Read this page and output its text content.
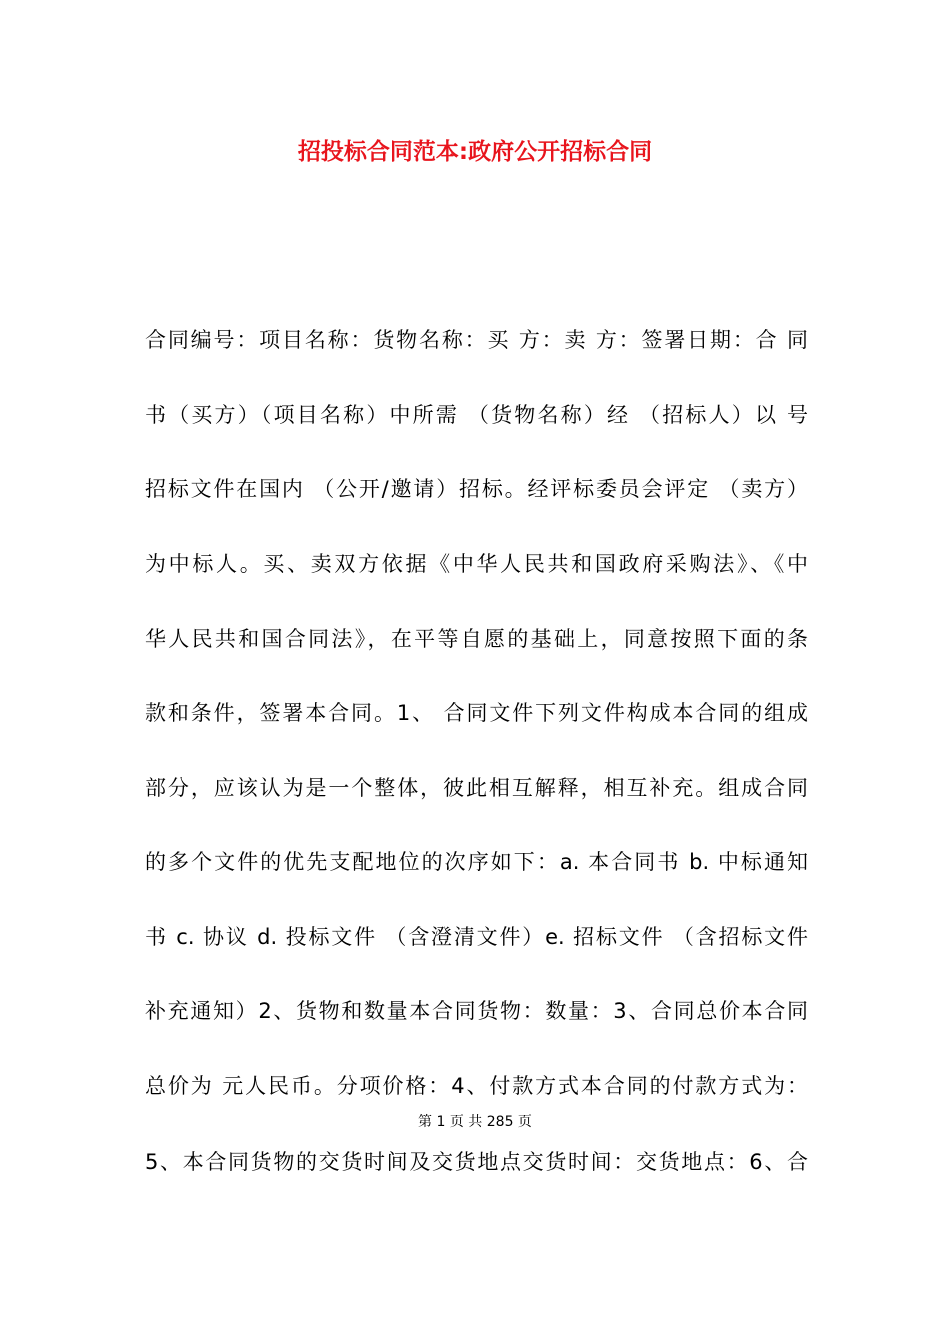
招投标合同范本:政府公开招标合同
合同编号：项目名称：货物名称：买 方：卖 方：签署日期：合 同
书（买方）（项目名称）中所需 （货物名称）经 （招标人）以 号
招标文件在国内 （公开/邀请）招标。经评标委员会评定 （卖方）
为中标人。买、卖双方依据《中华人民共和国政府采购法》、《中
华人民共和国合同法》，在平等自愿的基础上，同意按照下面的条
款和条件，签署本合同。1、 合同文件下列文件构成本合同的组成
部分，应该认为是一个整体，彼此相互解释，相互补充。组成合同
的多个文件的优先支配地位的次序如下：a. 本合同书 b. 中标通知
书 c. 协议 d. 投标文件 （含澄清文件）e. 招标文件 （含招标文件
补充通知）2、货物和数量本合同货物：数量：3、合同总价本合同
总价为 元人民币。分项价格：4、付款方式本合同的付款方式为：
第 1 页 共 285 页
5、本合同货物的交货时间及交货地点交货时间：交货地点：6、合
